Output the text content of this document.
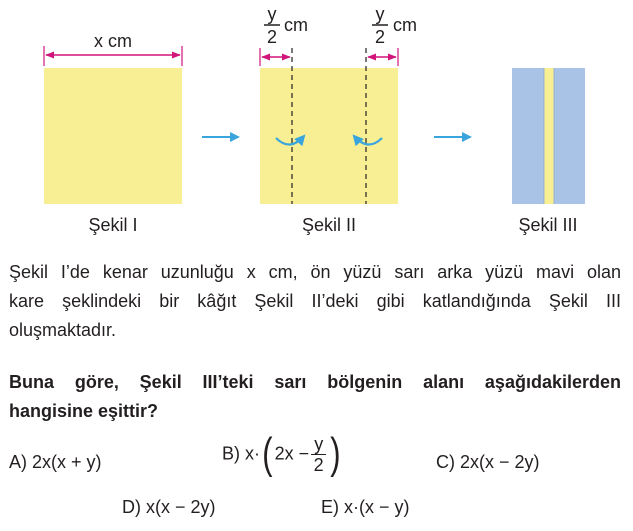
x cm
y
2
cm
y
2
cm
Şekil I	Şekil II	Şekil III
Şekil I’de kenar uzunluğu x cm, ön yüzü sarı arka yüzü mavi olan
kare şeklindeki bir kâğıt Şekil II’deki gibi katlandığında Şekil III
oluşmaktadır.
Buna göre, Şekil III’teki sarı bölgenin alanı aşağıdakilerden
hangisine eşittir?
A) 2x(x + y)	B) x·( $2x - \frac{y}{2}$ )	C) 2x(x − 2y)
D) x(x − 2y)	E) x·(x − y)
